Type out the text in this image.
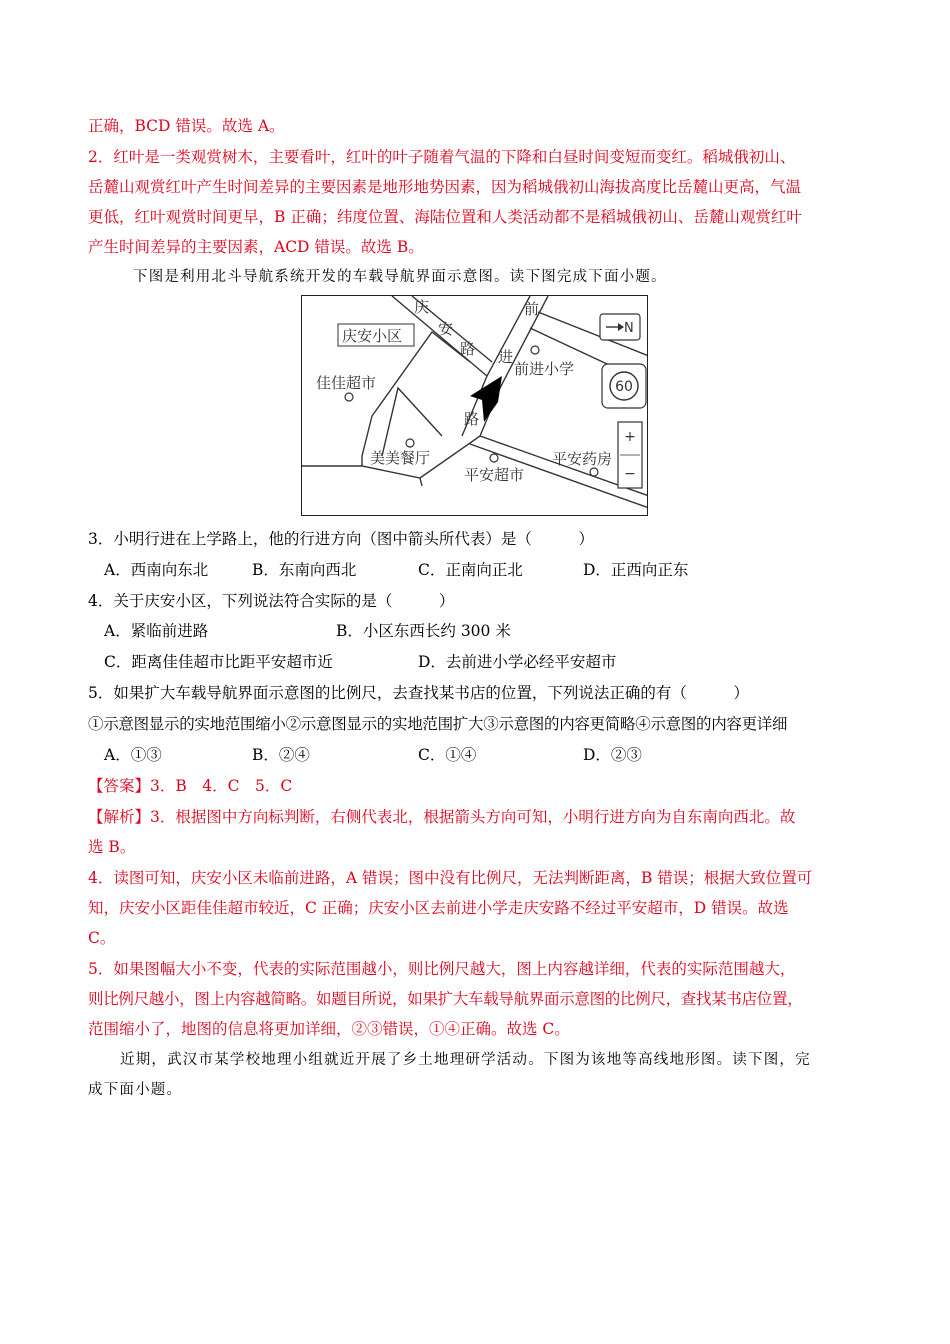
正确，BCD 错误。故选 A。
2．红叶是一类观赏树木，主要看叶，红叶的叶子随着气温的下降和白昼时间变短而变红。稻城俄初山、
岳麓山观赏红叶产生时间差异的主要因素是地形地势因素，因为稻城俄初山海拔高度比岳麓山更高，气温
更低，红叶观赏时间更早，B 正确；纬度位置、海陆位置和人类活动都不是稻城俄初山、岳麓山观赏红叶
产生时间差异的主要因素，ACD 错误。故选 B。
下图是利用北斗导航系统开发的车载导航界面示意图。读下图完成下面小题。
庆安小区
佳佳超市
美美餐厅
平安超市
平安药房
前进小学
庆
安
路
前
进
路
N
60
+
−
3．小明行进在上学路上，他的行进方向（图中箭头所代表）是（　　　）
A．西南向东北	B．东南向西北	C．正南向正北	D．正西向正东
4．关于庆安小区，下列说法符合实际的是（　　　）
A．紧临前进路	B．小区东西长约 300 米
C．距离佳佳超市比距平安超市近	D．去前进小学必经平安超市
5．如果扩大车载导航界面示意图的比例尺，去查找某书店的位置，下列说法正确的有（　　　）
①示意图显示的实地范围缩小②示意图显示的实地范围扩大③示意图的内容更简略④示意图的内容更详细
A．①③	B．②④	C．①④	D．②③
【答案】3．B　4．C　5．C
【解析】3．根据图中方向标判断，右侧代表北，根据箭头方向可知，小明行进方向为自东南向西北。故
选 B。
4．读图可知，庆安小区未临前进路，A 错误；图中没有比例尺，无法判断距离，B 错误；根据大致位置可
知，庆安小区距佳佳超市较近，C 正确；庆安小区去前进小学走庆安路不经过平安超市，D 错误。故选
C。
5．如果图幅大小不变，代表的实际范围越小，则比例尺越大，图上内容越详细，代表的实际范围越大，
则比例尺越小，图上内容越简略。如题目所说，如果扩大车载导航界面示意图的比例尺，查找某书店位置，
范围缩小了，地图的信息将更加详细，②③错误，①④正确。故选 C。
近期，武汉市某学校地理小组就近开展了乡土地理研学活动。下图为该地等高线地形图。读下图，完
成下面小题。
